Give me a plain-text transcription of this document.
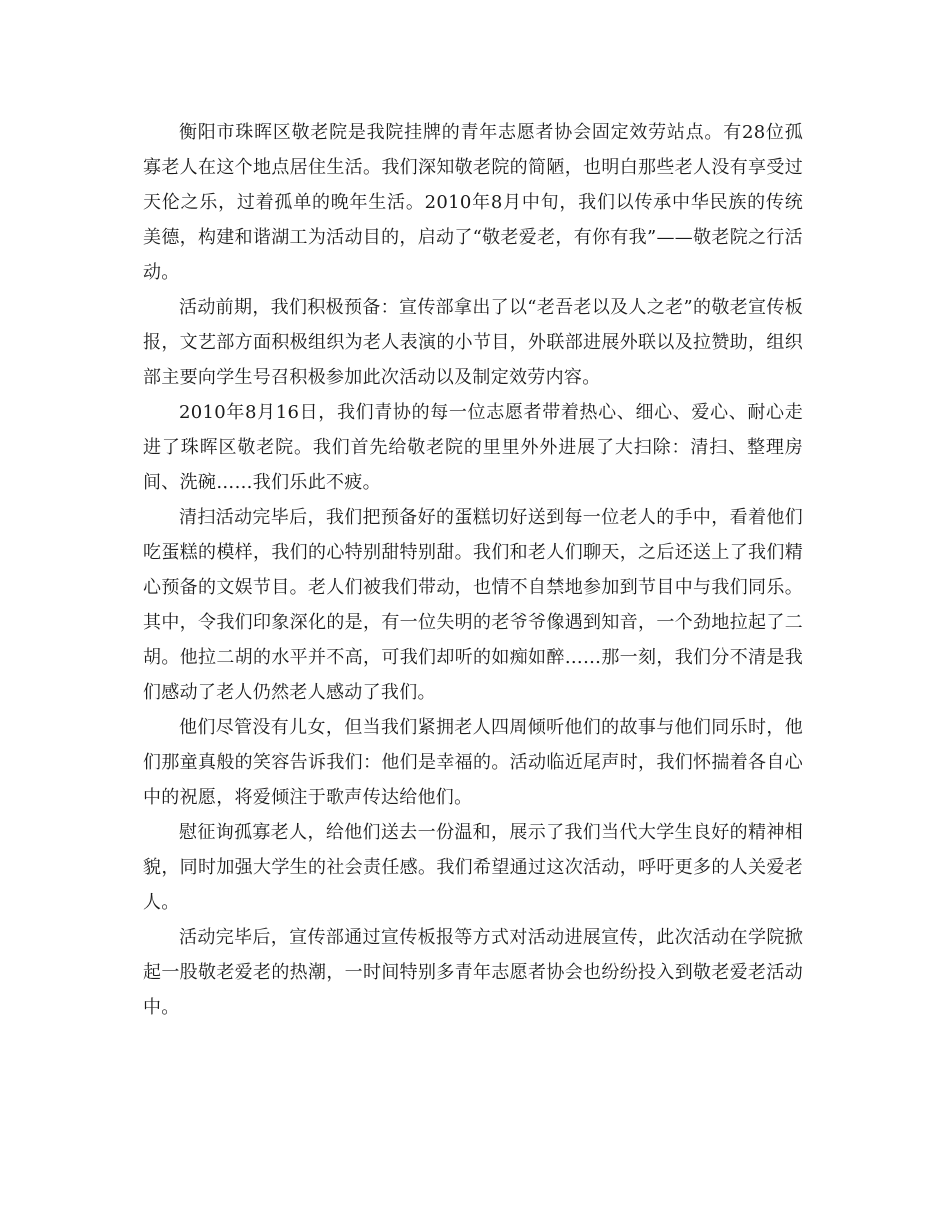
衡阳市珠晖区敬老院是我院挂牌的青年志愿者协会固定效劳站点。有28位孤寡老人在这个地点居住生活。我们深知敬老院的简陋，也明白那些老人没有享受过天伦之乐，过着孤单的晚年生活。2010年8月中旬，我们以传承中华民族的传统美德，构建和谐湖工为活动目的，启动了“敬老爱老，有你有我”——敬老院之行活动。

活动前期，我们积极预备：宣传部拿出了以“老吾老以及人之老”的敬老宣传板报，文艺部方面积极组织为老人表演的小节目，外联部进展外联以及拉赞助，组织部主要向学生号召积极参加此次活动以及制定效劳内容。

2010年8月16日，我们青协的每一位志愿者带着热心、细心、爱心、耐心走进了珠晖区敬老院。我们首先给敬老院的里里外外进展了大扫除：清扫、整理房间、洗碗……我们乐此不疲。

清扫活动完毕后，我们把预备好的蛋糕切好送到每一位老人的手中，看着他们吃蛋糕的模样，我们的心特别甜特别甜。我们和老人们聊天，之后还送上了我们精心预备的文娱节目。老人们被我们带动，也情不自禁地参加到节目中与我们同乐。其中，令我们印象深化的是，有一位失明的老爷爷像遇到知音，一个劲地拉起了二胡。他拉二胡的水平并不高，可我们却听的如痴如醉……那一刻，我们分不清是我们感动了老人仍然老人感动了我们。

他们尽管没有儿女，但当我们紧拥老人四周倾听他们的故事与他们同乐时，他们那童真般的笑容告诉我们：他们是幸福的。活动临近尾声时，我们怀揣着各自心中的祝愿，将爱倾注于歌声传达给他们。

慰征询孤寡老人，给他们送去一份温和，展示了我们当代大学生良好的精神相貌，同时加强大学生的社会责任感。我们希望通过这次活动，呼吁更多的人关爱老人。

活动完毕后，宣传部通过宣传板报等方式对活动进展宣传，此次活动在学院掀起一股敬老爱老的热潮，一时间特别多青年志愿者协会也纷纷投入到敬老爱老活动中。
